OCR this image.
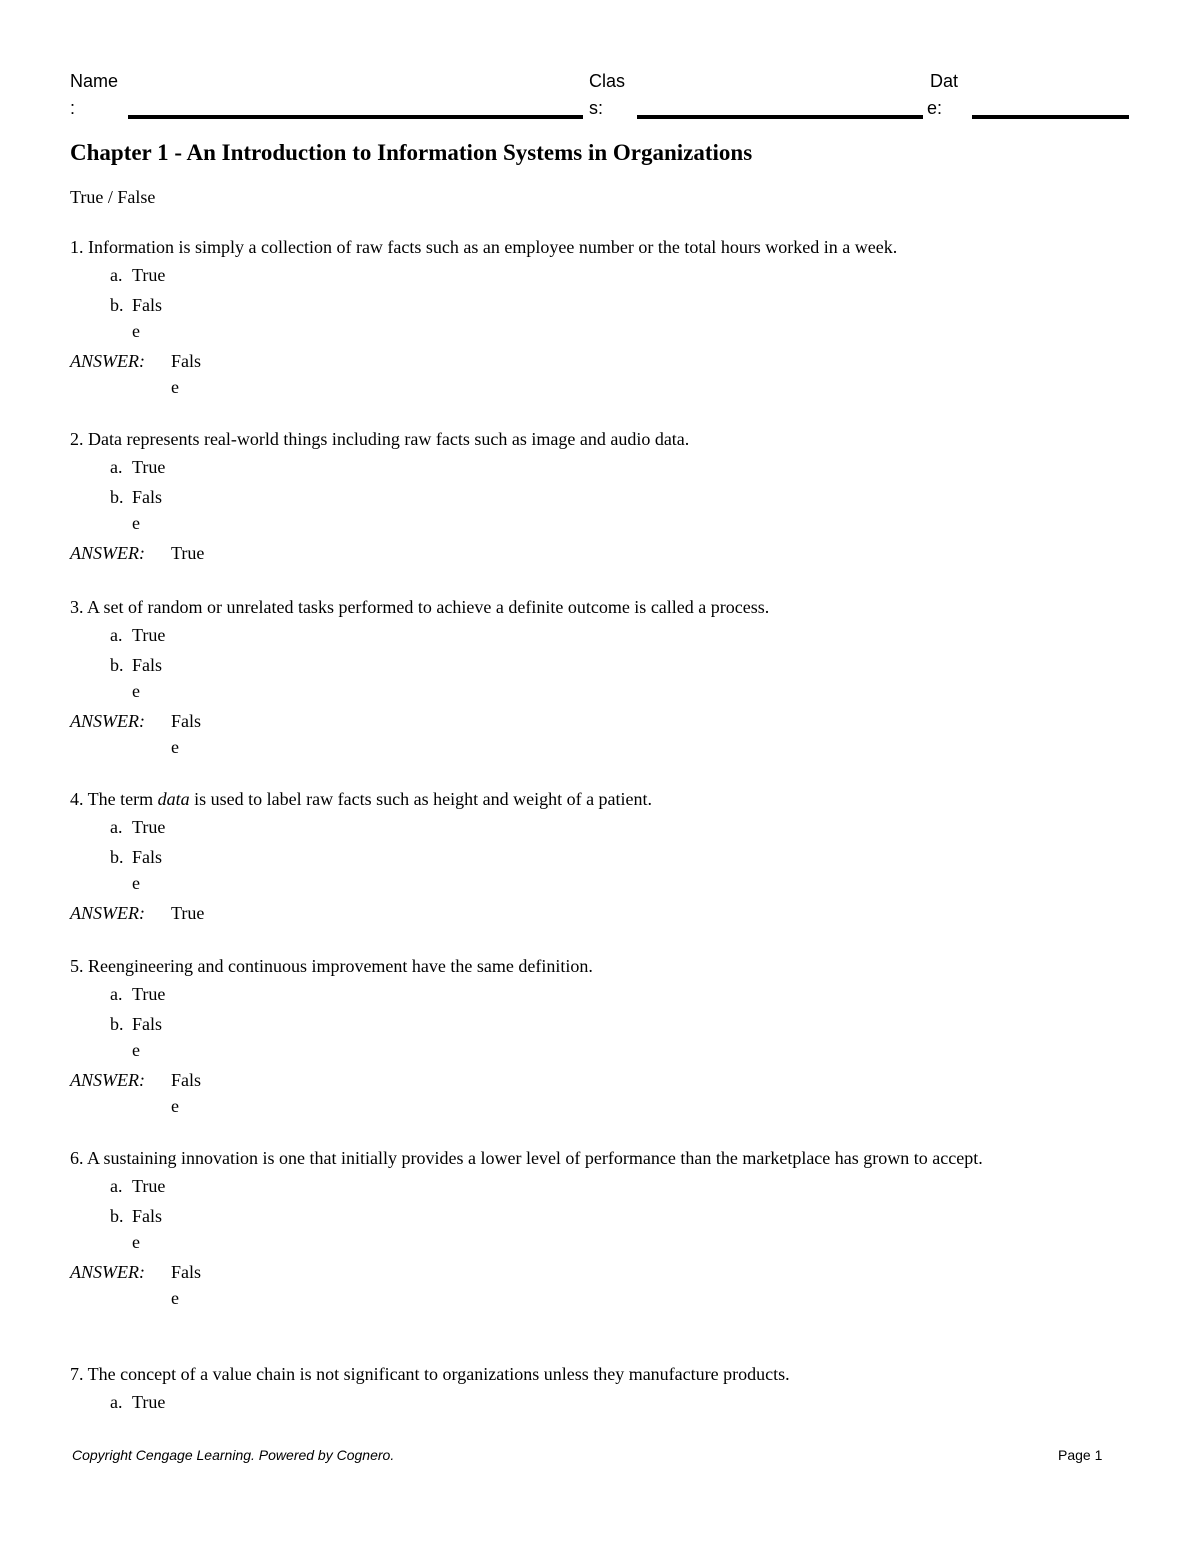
Name
:
Clas
s:
Dat
e:
Chapter 1 - An Introduction to Information Systems in Organizations
True / False
1. Information is simply a collection of raw facts such as an employee number or the total hours worked in a week.
a. True
b. False
ANSWER:	False
2. Data represents real-world things including raw facts such as image and audio data.
a. True
b. False
ANSWER:	True
3. A set of random or unrelated tasks performed to achieve a definite outcome is called a process.
a. True
b. False
ANSWER:	False
4. The term data is used to label raw facts such as height and weight of a patient.
a. True
b. False
ANSWER:	True
5. Reengineering and continuous improvement have the same definition.
a. True
b. False
ANSWER:	False
6. A sustaining innovation is one that initially provides a lower level of performance than the marketplace has grown to accept.
a. True
b. False
ANSWER:	False
7. The concept of a value chain is not significant to organizations unless they manufacture products.
a. True
Copyright Cengage Learning. Powered by Cognero.	Page 1
